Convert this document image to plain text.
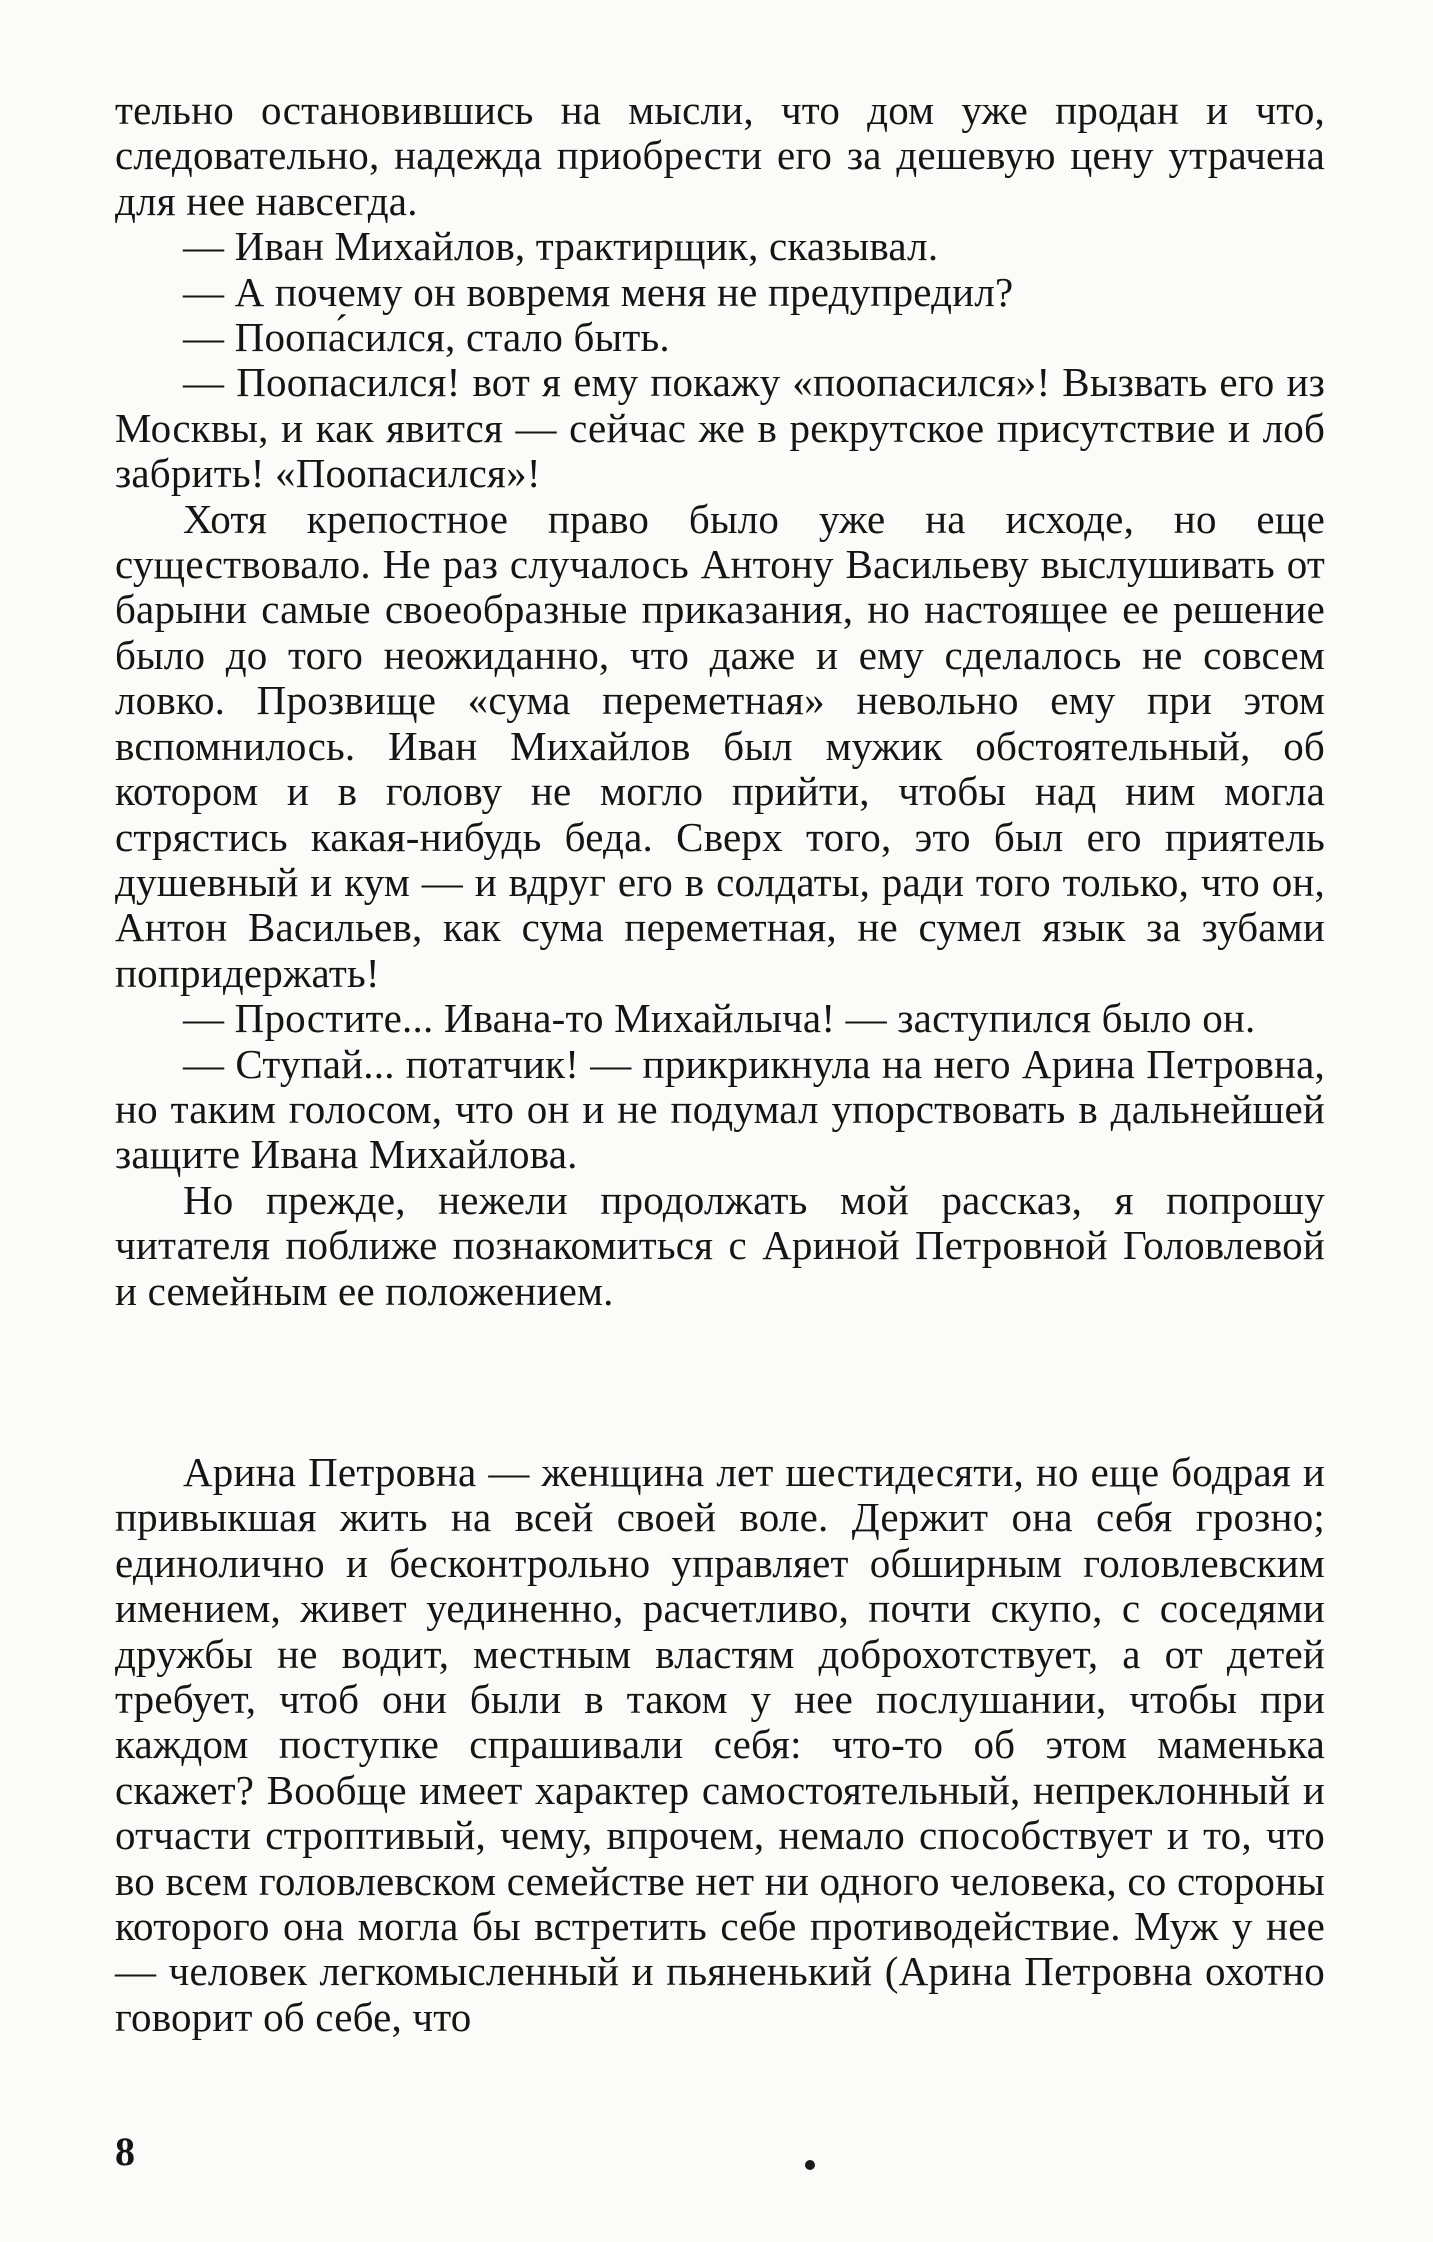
тельно остановившись на мысли, что дом уже продан и что, следовательно, надежда приобрести его за дешевую цену утрачена для нее навсегда.

— Иван Михайлов, трактирщик, сказывал.

— А почему он вовремя меня не предупредил?

— Поопа́сился, стало быть.

— Поопасился! вот я ему покажу «поопасился»! Вызвать его из Москвы, и как явится — сейчас же в рекрутское присутствие и лоб забрить! «Поопасился»!

Хотя крепостное право было уже на исходе, но еще существовало. Не раз случалось Антону Васильеву выслушивать от барыни самые своеобразные приказания, но настоящее ее решение было до того неожиданно, что даже и ему сделалось не совсем ловко. Прозвище «сума переметная» невольно ему при этом вспомнилось. Иван Михайлов был мужик обстоятельный, об котором и в голову не могло прийти, чтобы над ним могла стрястись какая-нибудь беда. Сверх того, это был его приятель душевный и кум — и вдруг его в солдаты, ради того только, что он, Антон Васильев, как сума переметная, не сумел язык за зубами попридержать!

— Простите... Ивана-то Михайлыча! — заступился было он.

— Ступай... потатчик! — прикрикнула на него Арина Петровна, но таким голосом, что он и не подумал упорствовать в дальнейшей защите Ивана Михайлова.

Но прежде, нежели продолжать мой рассказ, я попрошу читателя поближе познакомиться с Ариной Петровной Головлевой и семейным ее положением.

Арина Петровна — женщина лет шестидесяти, но еще бодрая и привыкшая жить на всей своей воле. Держит она себя грозно; единолично и бесконтрольно управляет обширным головлевским имением, живет уединенно, расчетливо, почти скупо, с соседями дружбы не водит, местным властям доброхотствует, а от детей требует, чтоб они были в таком у нее послушании, чтобы при каждом поступке спрашивали себя: что-то об этом маменька скажет? Вообще имеет характер самостоятельный, непреклонный и отчасти строптивый, чему, впрочем, немало способствует и то, что во всем головлевском семействе нет ни одного человека, со стороны которого она могла бы встретить себе противодействие. Муж у нее — человек легкомысленный и пьяненький (Арина Петровна охотно говорит об себе, что

8
